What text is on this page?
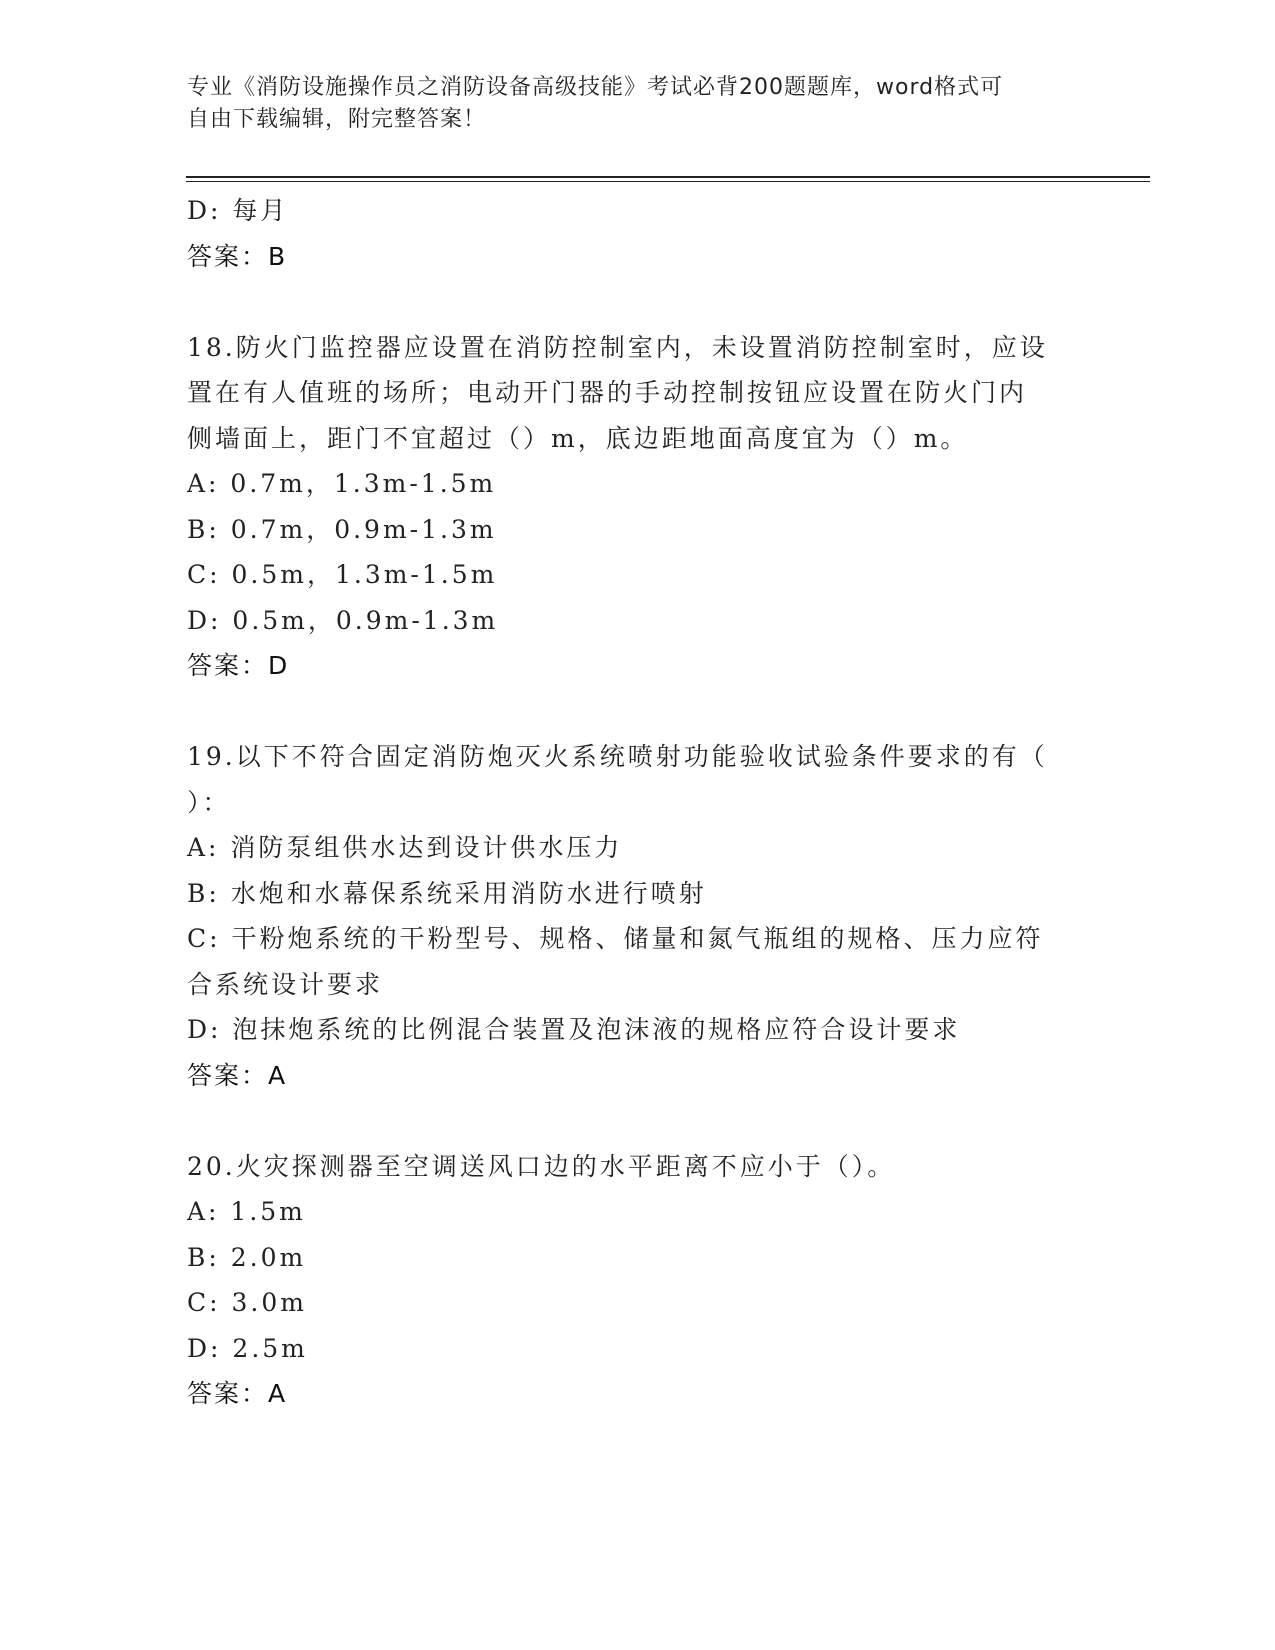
专业《消防设施操作员之消防设备高级技能》考试必背200题题库，word格式可
自由下载编辑，附完整答案！
D: 每月
答案：B
18.防火门监控器应设置在消防控制室内，未设置消防控制室时，应设
置在有人值班的场所；电动开门器的手动控制按钮应设置在防火门内
侧墙面上，距门不宜超过（）m，底边距地面高度宜为（）m。
A: 0.7m，1.3m-1.5m
B: 0.7m，0.9m-1.3m
C: 0.5m，1.3m-1.5m
D: 0.5m，0.9m-1.3m
答案：D
19.以下不符合固定消防炮灭火系统喷射功能验收试验条件要求的有（
）：
A: 消防泵组供水达到设计供水压力
B: 水炮和水幕保系统采用消防水进行喷射
C: 干粉炮系统的干粉型号、规格、储量和氮气瓶组的规格、压力应符
合系统设计要求
D: 泡抹炮系统的比例混合装置及泡沫液的规格应符合设计要求
答案：A
20.火灾探测器至空调送风口边的水平距离不应小于（）。
A: 1.5m
B: 2.0m
C: 3.0m
D: 2.5m
答案：A
